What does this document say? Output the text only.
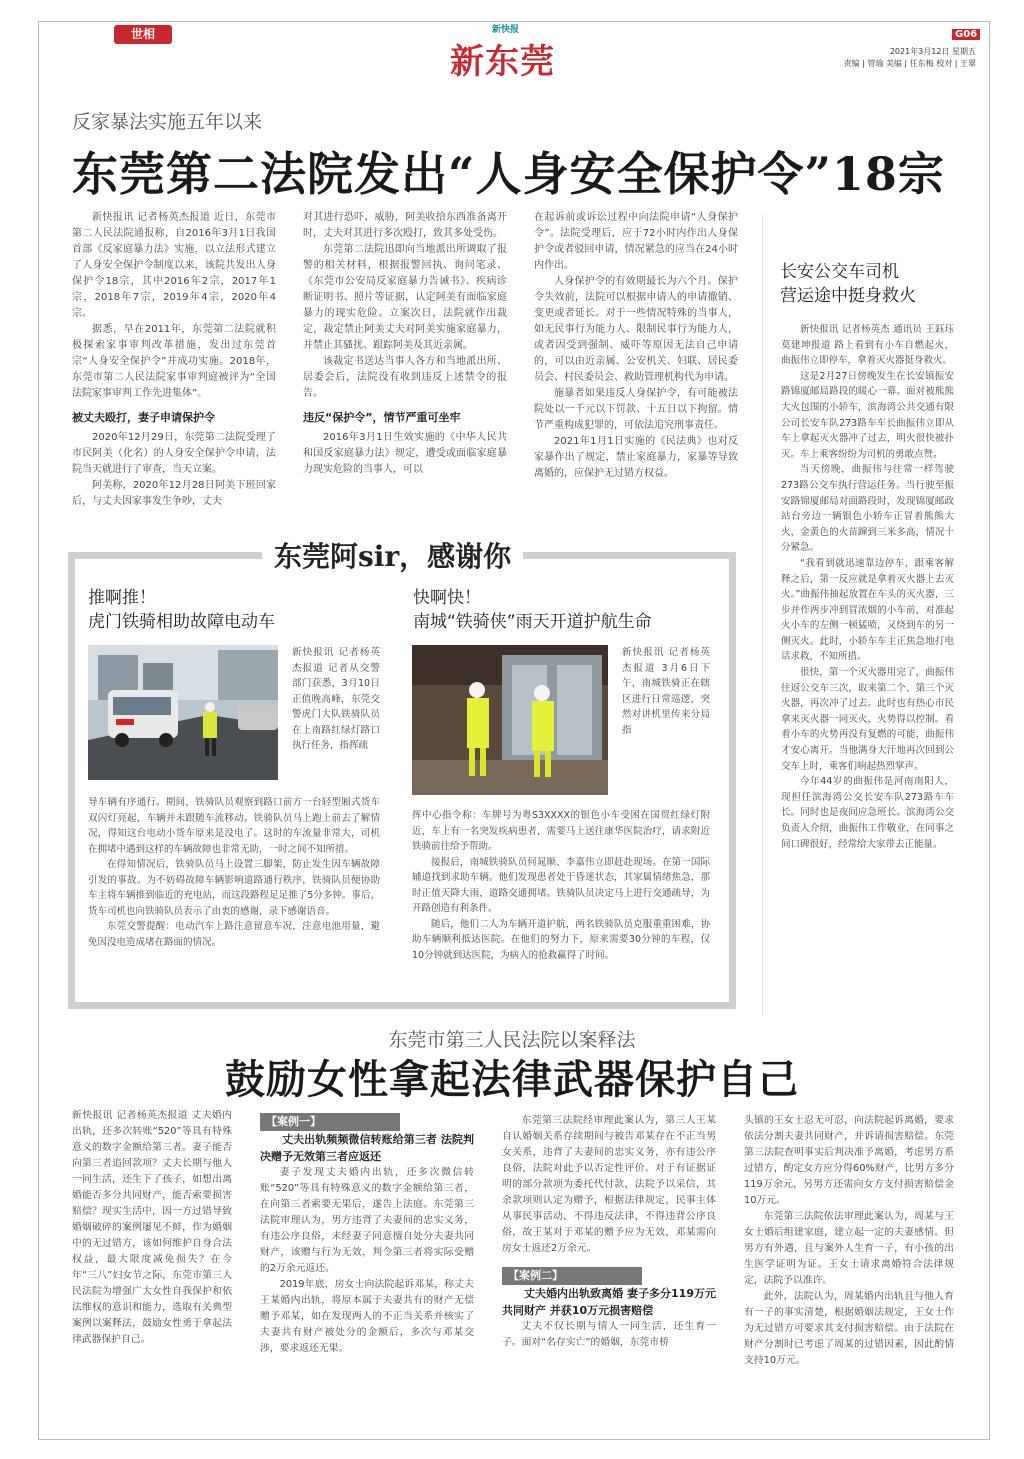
世相	新快报
新东莞
G06
2021年3月12日 星期五
责编 | 管瑜 美编 | 任东梅 校对 | 王翠
反家暴法实施五年以来
东莞第二法院发出“人身安全保护令”18宗

新快报讯 记者杨英杰报道 近日，东莞市第二人民法院通报称，自2016年3月1日我国首部《反家庭暴力法》实施，以立法形式建立了人身安全保护令制度以来，该院共发出人身保护令18宗，其中2016年2宗，2017年1宗，2018年7宗，2019年4宗，2020年4宗。

据悉，早在2011年，东莞第二法院就积极探索家事审判改革措施，发出过东莞首宗“人身安全保护令”并成功实施。2018年，东莞市第二人民法院家事审判庭被评为“全国法院家事审判工作先进集体”。

被丈夫殴打，妻子申请保护令

2020年12月29日，东莞第二法院受理了市民阿美（化名）的人身安全保护令申请，法院当天就进行了审查，当天立案。

阿美称，2020年12月28日阿美下班回家后，与丈夫因家事发生争吵，丈夫

对其进行恐吓、威胁，阿美收拾东西准备离开时，丈夫对其进行多次殴打，致其多处受伤。

东莞第二法院迅即向当地派出所调取了报警的相关材料，根据报警回执、询问笔录、《东莞市公安局反家庭暴力告诫书》、疾病诊断证明书、照片等证据，认定阿美有面临家庭暴力的现实危险。立案次日，法院就作出裁定，裁定禁止阿美丈夫对阿美实施家庭暴力，并禁止其骚扰、跟踪阿美及其近亲属。

该裁定书送达当事人各方和当地派出所、居委会后，法院没有收到违反上述禁令的报告。

违反“保护令”，情节严重可坐牢

2016年3月1日生效实施的《中华人民共和国反家庭暴力法》规定，遭受或面临家庭暴力现实危险的当事人，可以

在起诉前或诉讼过程中向法院申请“人身保护令”。法院受理后，应于72小时内作出人身保护令或者驳回申请，情况紧急的应当在24小时内作出。

人身保护令的有效期最长为六个月。保护令失效前，法院可以根据申请人的申请撤销、变更或者延长。对于一些情况特殊的当事人，如无民事行为能力人、限制民事行为能力人，或者因受到强制、威吓等原因无法自己申请的，可以由近亲属、公安机关、妇联、居民委员会、村民委员会、救助管理机构代为申请。

施暴者如果违反人身保护令，有可能被法院处以一千元以下罚款、十五日以下拘留。情节严重构成犯罪的，可依法追究刑事责任。

2021年1月1日实施的《民法典》也对反家暴作出了规定，禁止家庭暴力，家暴等导致离婚的，应保护无过错方权益。

长安公交车司机
营运途中挺身救火

新快报讯 记者杨英杰 通讯员 王鈺珏 莫建坤报道 路上看到有小车自燃起火，曲振伟立即停车，拿着灭火器挺身救火。

这是2月27日傍晚发生在长安镇振安路锦厦邮局路段的暖心一幕。面对被熊熊大火包围的小轿车，滨海湾公共交通有限公司长安车队273路车车长曲振伟立即从车上拿起灭火器冲了过去，明火很快被扑灭。车上乘客纷纷为司机的勇敢点赞。

当天傍晚，曲振伟与往常一样驾驶273路公交车执行营运任务。当行驶至振安路锦厦邮局对面路段时，发现锦厦邮政站台旁边一辆银色小轿车正冒着熊熊大火，金黄色的火苗蹿到三米多高，情况十分紧急。

“我看到就迅速靠边停车，跟乘客解释之后，第一反应就是拿着灭火器上去灭火。”曲振伟抽起放置在车头的灭火器，三步并作两步冲到冒浓烟的小车前，对准起火小车的左侧一顿猛喷，又绕到车的另一侧灭火。此时，小轿车车主正焦急地打电话求救，不知所措。

很快，第一个灭火器用完了，曲振伟往返公交车三次，取来第二个、第三个灭火器，再次冲了过去。此时也有热心市民拿来灭火器一同灭火，火势得以控制。看着小车的火势再没有复燃的可能，曲振伟才安心离开。当他满身大汗地再次回到公交车上时，乘客们响起热烈掌声。

今年44岁的曲振伟是河南南阳人，现担任滨海湾公交长安车队273路车车长。同时也是夜间应急班长。滨海湾公交负责人介绍，曲振伟工作敬业，在同事之间口碑很好，经常给大家带去正能量。

东莞阿sir，感谢你
推啊推！
虎门铁骑相助故障电动车
快啊快！
南城“铁骑侠”雨天开道护航生命

新快报讯 记者杨英杰报道 记者从交警部门获悉，3月10日正值晚高峰，东莞交警虎门大队铁骑队员在上南路红绿灯路口执行任务，指挥疏

新快报讯 记者杨英杰报道 3月6日下午，南城铁骑正在辖区进行日常巡逻，突然对讲机里传来分局指

导车辆有序通行。期间，铁骑队员观察到路口前方一台轻型厢式货车双闪灯亮起，车辆并未跟随车流移动。铁骑队员马上跑上前去了解情况，得知这台电动小货车原来是没电了。这时的车流量非常大，司机在拥堵中遇到这样的车辆故障也非常无助，一时之间不知所措。

在得知情况后，铁骑队员马上设置三脚架，防止发生因车辆故障引发的事故。为不妨碍故障车辆影响道路通行秩序，铁骑队员便协助车主将车辆推到临近的充电站，而这段路程足足推了5分多钟。事后，货车司机也向铁骑队员表示了由衷的感谢，录下感谢语音。

东莞交警提醒：电动汽车上路注意留意车况，注意电池用量，避免因没电造成堵在路面的情况。

挥中心指令称：车牌号为粤S3XXXX的银色小车受困在国贸红绿灯附近，车上有一名突发疾病患者，需要马上送往康华医院治疗，请求附近铁骑前往给予帮助。

接报后，南城铁骑队员何晁顺、李嘉伟立即赶赴现场。在第一国际辅道找到求助车辆。他们发现患者处于昏迷状态，其家属情绪焦急，那时正值天降大雨，道路交通拥堵。铁骑队员决定马上进行交通疏导，为开路创造有利条件。

随后，他们二人为车辆开道护航，两名铁骑队员克服重重困难，协助车辆顺利抵达医院。在他们的努力下，原来需要30分钟的车程，仅10分钟就到达医院，为病人的抢救赢得了时间。

东莞市第三人民法院以案释法
鼓励女性拿起法律武器保护自己

新快报讯 记者杨英杰报道 丈夫婚内出轨，还多次转账“520”等具有特殊意义的数字金额给第三者。妻子能否向第三者追回款项？丈夫长期与他人一同生活，还生下了孩子，如想出离婚能否多分共同财产，能否索要损害赔偿？现实生活中，因一方过错导致婚姻破碎的案例屡见不鲜，作为婚姻中的无过错方，该如何维护自身合法权益，最大限度减免损失？在今年“三八”妇女节之际，东莞市第三人民法院为增强广大女性自我保护和依法维权的意识和能力，选取有关典型案例以案释法，鼓励女性勇于拿起法律武器保护自己。

【案例一】

丈夫出轨频频微信转账给第三者 法院判决赠予无效第三者应返还

妻子发现丈夫婚内出轨，还多次微信转账“520”等具有特殊意义的数字金额给第三者，在向第三者索要无果后，遂告上法庭。东莞第三法院审理认为，男方违背了夫妻间的忠实义务，有违公序良俗，未经妻子同意擅自处分夫妻共同财产，该赠与行为无效，判令第三者将实际受赠的2万余元返还。

2019年底，房女士向法院起诉邓某，称丈夫王某婚内出轨，将原本属于夫妻共有的财产无偿赠予邓某，如在发现两人的不正当关系并核实了夫妻共有财产被处分的金额后，多次与邓某交涉，要求返还无果。

东莞第三法院经审理此案认为，第三人王某自认婚姻关系存续期间与被告邓某存在不正当男女关系，违背了夫妻间的忠实义务，亦有违公序良俗，法院对此予以否定性评价。对于有证据证明的部分款项为委托代付款，法院予以采信，其余款项则认定为赠予，根据法律规定，民事主体从事民事活动，不得违反法律，不得违背公序良俗，故王某对于邓某的赠予应为无效，邓某需向房女士返还2万余元。

【案例二】

丈夫婚内出轨致离婚 妻子多分119万元共同财产 并获10万元损害赔偿

丈夫不仅长期与情人一同生活，还生育一子。面对“名存实亡”的婚姻，东莞市桥

头镇的王女士忍无可忍，向法院起诉离婚，要求依法分割夫妻共同财产，并诉请损害赔偿。东莞第三法院查明事实后判决准予离婚，考虑男方系过错方，酌定女方应分得60%财产，比男方多分119万余元，另男方还需向女方支付损害赔偿金10万元。

东莞第三法院依法审理此案认为，周某与王女士婚后组建家庭，建立起一定的夫妻感情。但男方有外遇，且与案外人生育一子，有小孩的出生医学证明为证。王女士请求离婚符合法律规定，法院予以准许。

此外，法院认为，周某婚内出轨且与他人育有一子的事实清楚，根据婚姻法规定，王女士作为无过错方可要求其支付损害赔偿。由于法院在财产分割时已考虑了周某的过错因素，因此酌情支持10万元。
